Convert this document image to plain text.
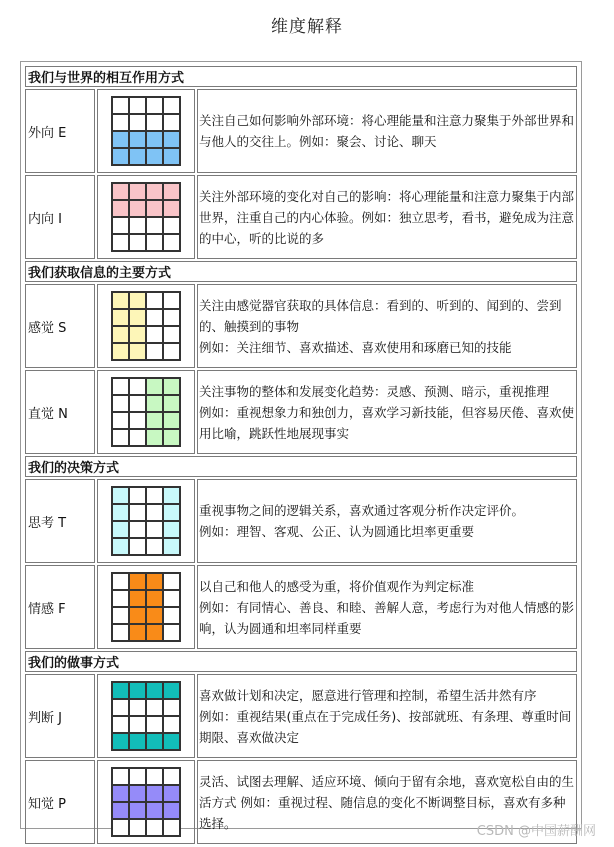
维度解释
我们与世界的相互作用方式		
外向 E		关注自己如何影响外部环境：将心理能量和注意力聚集于外部世界和与他人的交往上。例如：聚会、讨论、聊天
内向 I		关注外部环境的变化对自己的影响：将心理能量和注意力聚集于内部世界，注重自己的内心体验。例如：独立思考，看书，避免成为注意的中心，听的比说的多
我们获取信息的主要方式		
感觉 S		关注由感觉器官获取的具体信息：看到的、听到的、闻到的、尝到的、触摸到的事物
例如：关注细节、喜欢描述、喜欢使用和琢磨已知的技能
直觉 N		关注事物的整体和发展变化趋势：灵感、预测、暗示，重视推理
例如：重视想象力和独创力，喜欢学习新技能，但容易厌倦、喜欢使用比喻，跳跃性地展现事实
我们的决策方式		
思考 T		重视事物之间的逻辑关系，喜欢通过客观分析作决定评价。
例如：理智、客观、公正、认为圆通比坦率更重要
情感 F		以自己和他人的感受为重，将价值观作为判定标准
例如：有同情心、善良、和睦、善解人意，考虑行为对他人情感的影响，认为圆通和坦率同样重要
我们的做事方式		
判断 J		喜欢做计划和决定，愿意进行管理和控制，希望生活井然有序
例如：重视结果(重点在于完成任务)、按部就班、有条理、尊重时间期限、喜欢做决定
知觉 P		灵活、试图去理解、适应环境、倾向于留有余地，喜欢宽松自由的生活方式 例如：重视过程、随信息的变化不断调整目标，喜欢有多种选择。
CSDN @中国薪酬网
